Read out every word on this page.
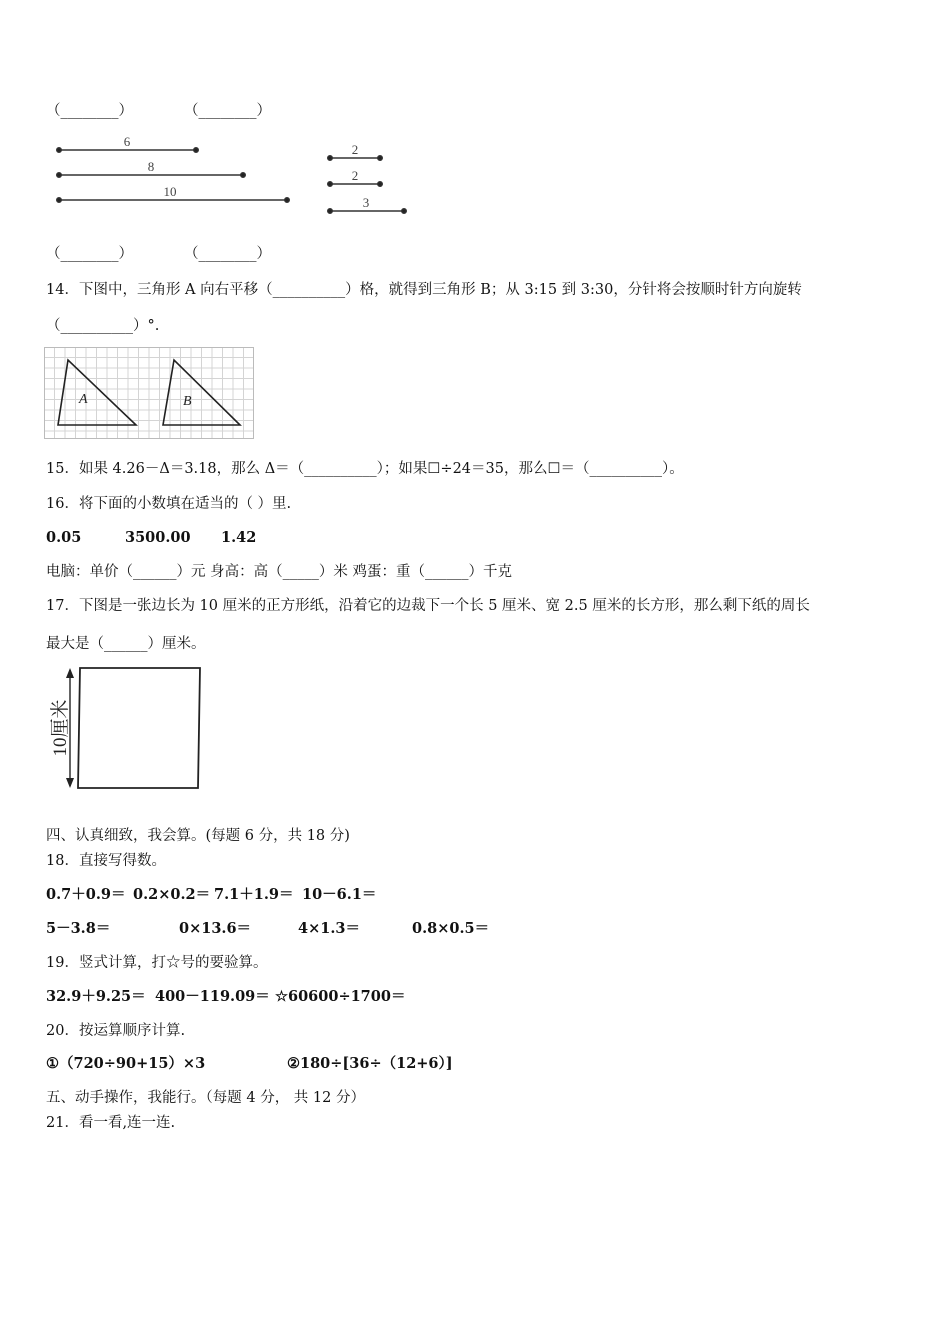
（________）	（________）
6
8
10
2
2
3
（________）	（________）
14．下图中，三角形 A 向右平移（__________）格，就得到三角形 B；从 3:15 到 3:30，分针将会按顺时针方向旋转
（__________）°.
A	B
15．如果 4.26－Δ＝3.18，那么 Δ＝（__________）；如果☐÷24＝35，那么☐＝（__________）。
16．将下面的小数填在适当的（ ）里.
0.05	3500.00 1.42
电脑：单价（______）元 身高：高（_____）米 鸡蛋：重（______）千克
17．下图是一张边长为 10 厘米的正方形纸，沿着它的边裁下一个长 5 厘米、宽 2.5 厘米的长方形，那么剩下纸的周长
最大是（______）厘米。
10厘米
四、认真细致，我会算。(每题 6 分，共 18 分)
18．直接写得数。
0.7＋0.9＝ 0.2×0.2＝ 7.1＋1.9＝ 10－6.1＝
5－3.8＝	0×13.6＝	4×1.3＝	0.8×0.5＝
19．竖式计算，打☆号的要验算。
32.9＋9.25＝ 400－119.09＝ ☆60600÷1700＝
20．按运算顺序计算.
①（720÷90+15）×3	②180÷[36÷（12+6）]
五、动手操作，我能行。（每题 4 分， 共 12 分）
21．看一看,连一连.
